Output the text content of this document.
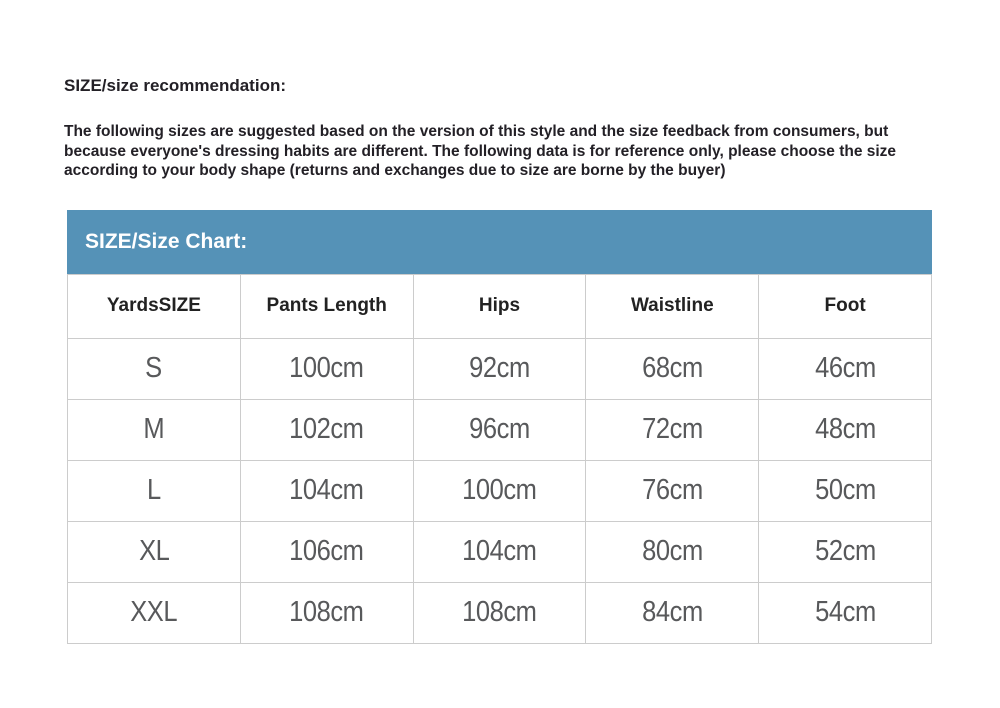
SIZE/size recommendation:

The following sizes are suggested based on the version of this style and the size feedback from consumers, but because everyone's dressing habits are different. The following data is for reference only, please choose the size according to your body shape (returns and exchanges due to size are borne by the buyer)

SIZE/Size Chart:
YardsSIZE	Pants Length	Hips	Waistline	Foot
S	100cm	92cm	68cm	46cm
M	102cm	96cm	72cm	48cm
L	104cm	100cm	76cm	50cm
XL	106cm	104cm	80cm	52cm
XXL	108cm	108cm	84cm	54cm
